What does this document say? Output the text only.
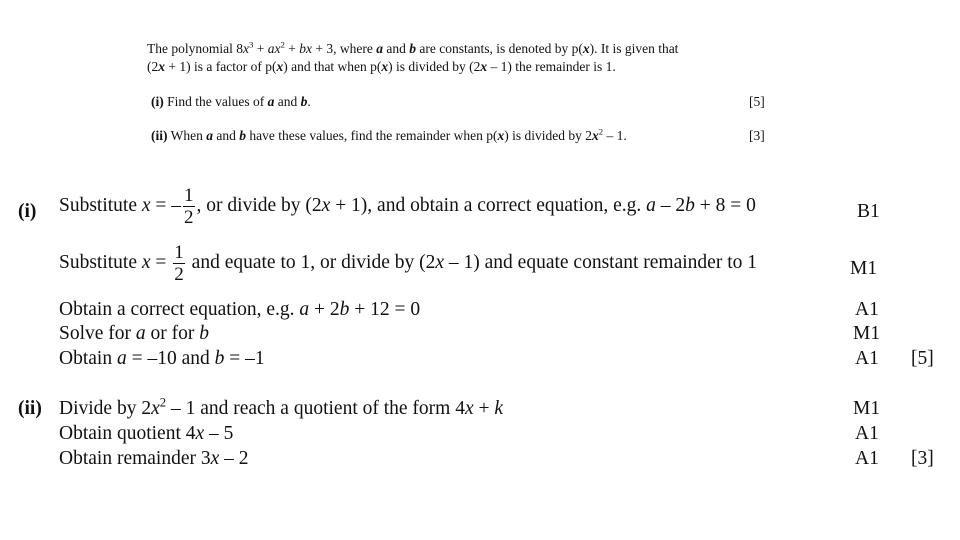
The polynomial $8x^3 + ax^2$ + bx + 3, where a and b are constants, is denoted by p(x). It is given that
(2x + 1) is a factor of p(x) and that when p(x) is divided by (2x – 1) the remainder is 1.
(i) Find the values of a and b.	[5]
(ii) When a and b have these values, find the remainder when p(x) is divided by $2x^2 - 1$.	[3]
(i) Substitute x = – $\frac{1}{2}$ , or divide by (2x + 1), and obtain a correct equation, e.g. a – 2b + 8 = 0	B1
Substitute $x = \frac{1}{2}$ and equate to 1, or divide by (2x – 1) and equate constant remainder to 1	M1
Obtain a correct equation, e.g. a + 2b + 12 = 0	A1
Solve for a or for b	M1
Obtain a = –10 and b = –1	A1 [5]
(ii) Divide by $2x^2 - 1$ and reach a quotient of the form 4x + k	M1
Obtain quotient 4x – 5	A1
Obtain remainder 3x – 2	A1 [3]
